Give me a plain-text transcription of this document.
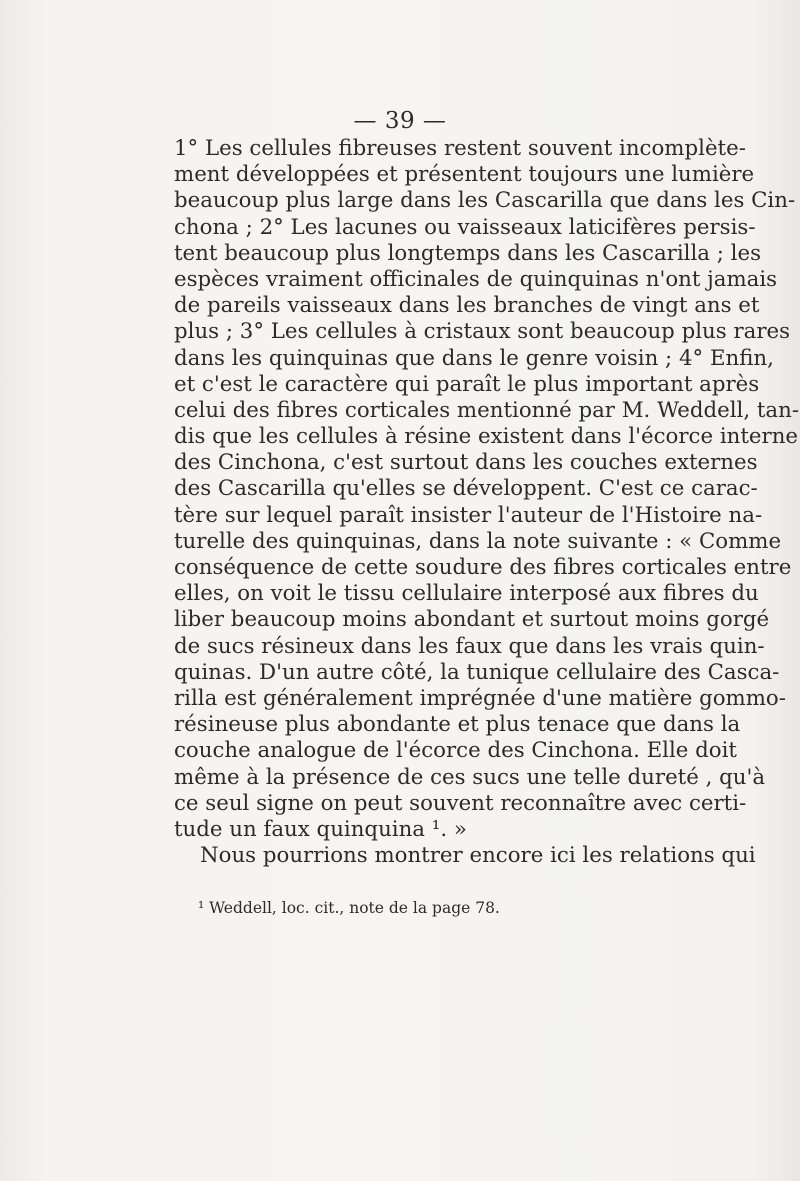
— 39 —
1° Les cellules fibreuses restent souvent incomplète-
ment développées et présentent toujours une lumière
beaucoup plus large dans les Cascarilla que dans les Cin-
chona ; 2° Les lacunes ou vaisseaux laticifères persis-
tent beaucoup plus longtemps dans les Cascarilla ; les
espèces vraiment officinales de quinquinas n'ont jamais
de pareils vaisseaux dans les branches de vingt ans et
plus ; 3° Les cellules à cristaux sont beaucoup plus rares
dans les quinquinas que dans le genre voisin ; 4° Enfin,
et c'est le caractère qui paraît le plus important après
celui des fibres corticales mentionné par M. Weddell, tan-
dis que les cellules à résine existent dans l'écorce interne
des Cinchona, c'est surtout dans les couches externes
des Cascarilla qu'elles se développent. C'est ce carac-
tère sur lequel paraît insister l'auteur de l'Histoire na-
turelle des quinquinas, dans la note suivante : « Comme
conséquence de cette soudure des fibres corticales entre
elles, on voit le tissu cellulaire interposé aux fibres du
liber beaucoup moins abondant et surtout moins gorgé
de sucs résineux dans les faux que dans les vrais quin-
quinas. D'un autre côté, la tunique cellulaire des Casca-
rilla est généralement imprégnée d'une matière gommo-
résineuse plus abondante et plus tenace que dans la
couche analogue de l'écorce des Cinchona. Elle doit
même à la présence de ces sucs une telle dureté , qu'à
ce seul signe on peut souvent reconnaître avec certi-
tude un faux quinquina ¹. »
Nous pourrions montrer encore ici les relations qui
¹ Weddell, loc. cit., note de la page 78.
